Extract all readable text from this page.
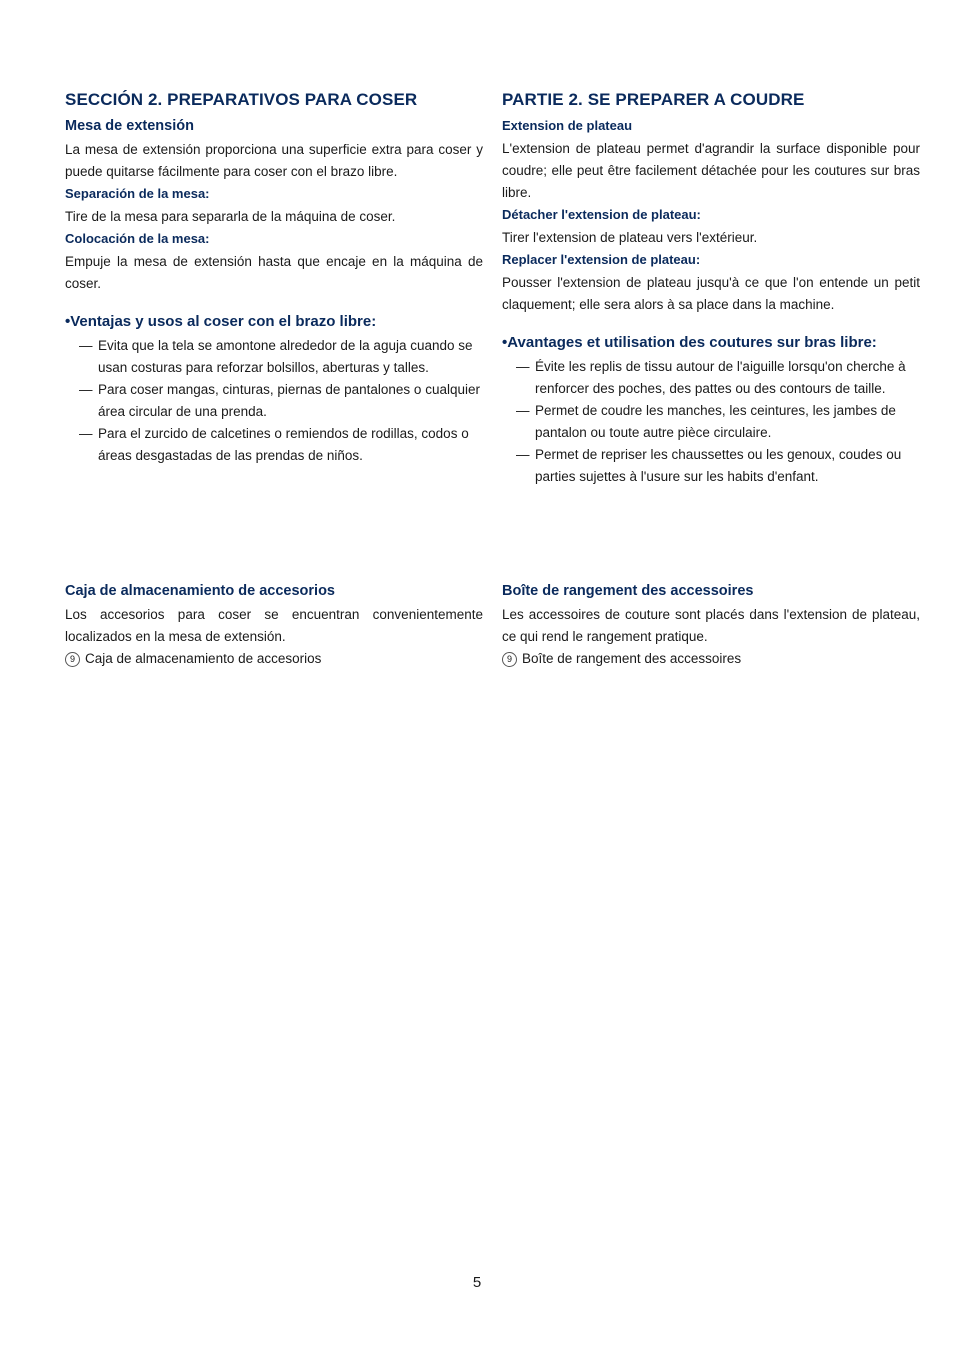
SECCIÓN 2. PREPARATIVOS PARA COSER
Mesa de extensión

La mesa de extensión proporciona una superficie extra para coser y puede quitarse fácilmente para coser con el brazo libre.

Separación de la mesa:

Tire de la mesa para separarla de la máquina de coser.

Colocación de la mesa:

Empuje la mesa de extensión hasta que encaje en la máquina de coser.

•Ventajas y usos al coser con el brazo libre:
— Evita que la tela se amontone alrededor de la aguja cuando se usan costuras para reforzar bolsillos, aberturas y talles.
— Para coser mangas, cinturas, piernas de pantalones o cualquier área circular de una prenda.
— Para el zurcido de calcetines o remiendos de rodillas, codos o áreas desgastadas de las prendas de niños.
PARTIE 2. SE PREPARER A COUDRE
Extension de plateau

L'extension de plateau permet d'agrandir la surface disponible pour coudre; elle peut être facilement détachée pour les coutures sur bras libre.

Détacher l'extension de plateau:

Tirer l'extension de plateau vers l'extérieur.

Replacer l'extension de plateau:

Pousser l'extension de plateau jusqu'à ce que l'on entende un petit claquement; elle sera alors à sa place dans la machine.

•Avantages et utilisation des coutures sur bras libre:
— Évite les replis de tissu autour de l'aiguille lorsqu'on cherche à renforcer des poches, des pattes ou des contours de taille.
— Permet de coudre les manches, les ceintures, les jambes de pantalon ou toute autre pièce circulaire.
— Permet de repriser les chaussettes ou les genoux, coudes ou parties sujettes à l'usure sur les habits d'enfant.
Caja de almacenamiento de accesorios

Los accesorios para coser se encuentran convenientemente localizados en la mesa de extensión.

9 Caja de almacenamiento de accesorios
Boîte de rangement des accessoires

Les accessoires de couture sont placés dans l'extension de plateau, ce qui rend le rangement pratique.

9 Boîte de rangement des accessoires
5
